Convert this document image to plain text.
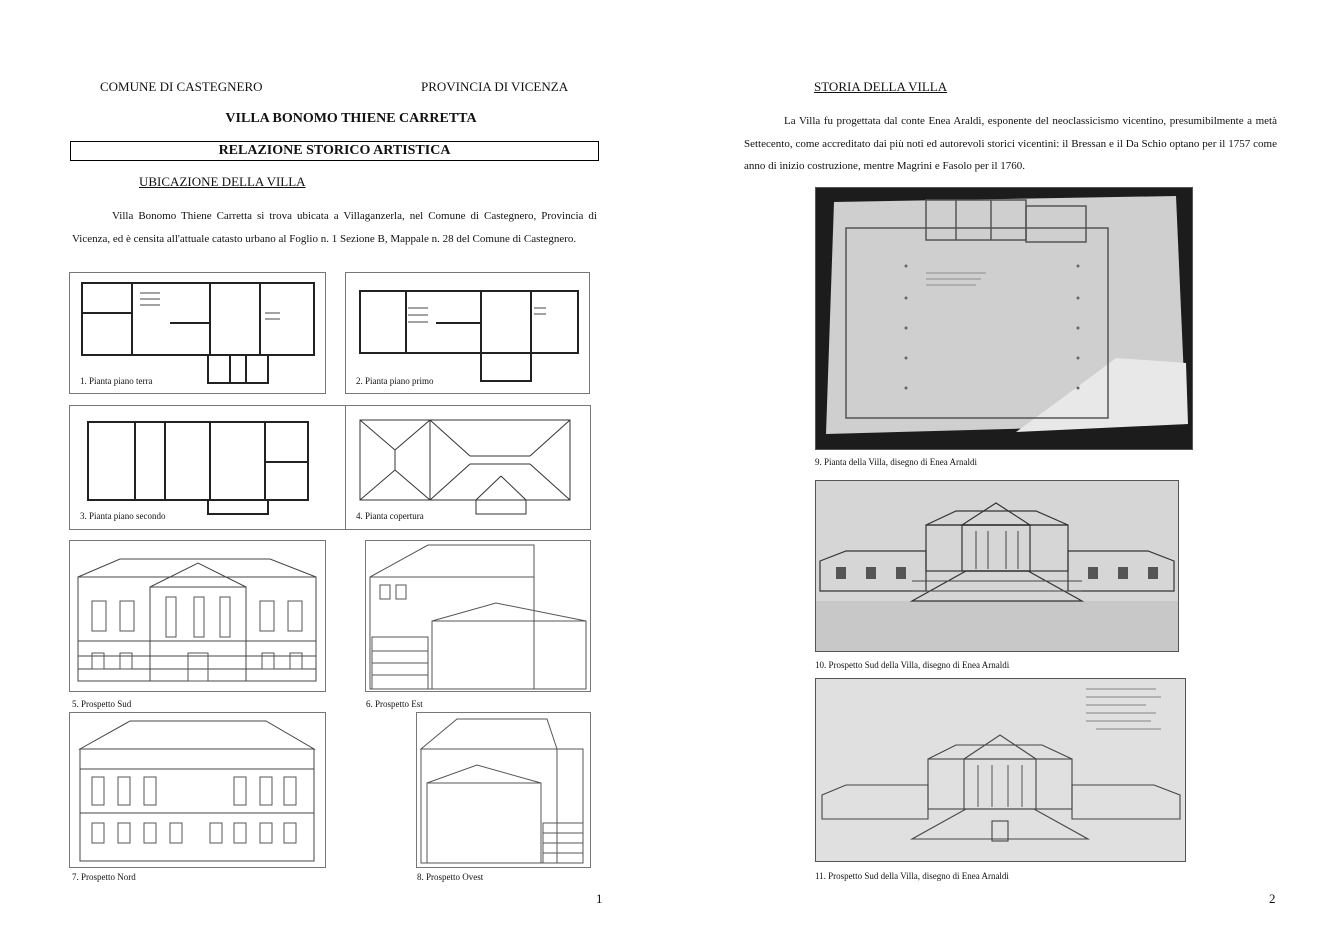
COMUNE DI CASTEGNERO	PROVINCIA DI VICENZA
VILLA BONOMO THIENE CARRETTA
RELAZIONE STORICO ARTISTICA
UBICAZIONE DELLA VILLA
Villa Bonomo Thiene Carretta si trova ubicata a Villaganzerla, nel Comune di Castegnero, Provincia di Vicenza, ed è censita all'attuale catasto urbano al Foglio n. 1 Sezione B, Mappale n. 28 del Comune di Castegnero.
1. Pianta piano terra	2. Pianta piano primo
3. Pianta piano secondo	4. Pianta copertura
5. Prospetto Sud	6. Prospetto Est
7. Prospetto Nord	8. Prospetto Ovest
1
STORIA DELLA VILLA
La Villa fu progettata dal conte Enea Araldi, esponente del neoclassicismo vicentino, presumibilmente a metà Settecento, come accreditato dai più noti ed autorevoli storici vicentini: il Bressan e il Da Schio optano per il 1757 come anno di inizio costruzione, mentre Magrini e Fasolo per il 1760.
9. Pianta della Villa, disegno di Enea Arnaldi
10. Prospetto Sud della Villa, disegno di Enea Arnaldi
11. Prospetto Sud della Villa, disegno di Enea Arnaldi
2
